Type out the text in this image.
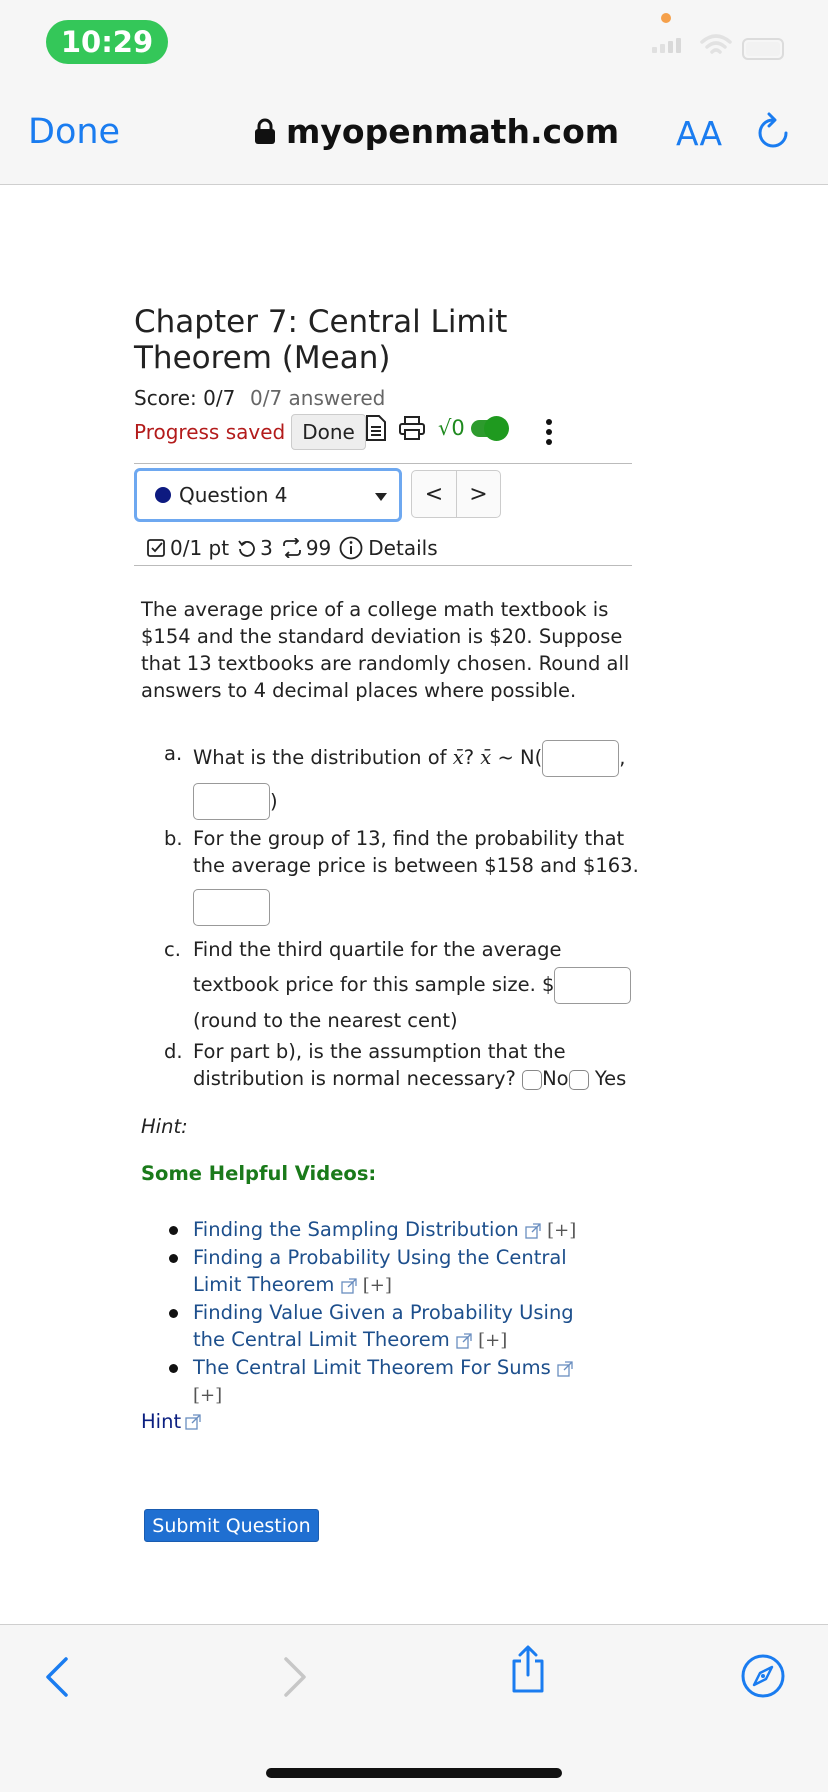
10:29
Done	myopenmath.com AA
Chapter 7: Central Limit Theorem (Mean)
Score: 0/7 0/7 answered
Progress saved Done	√0
Question 4	<	>
0/1 pt 3 99 Details

The average price of a college math textbook is $154 and the standard deviation is $20. Suppose that 13 textbooks are randomly chosen. Round all answers to 4 decimal places where possible.

a. What is the distribution of x̄? x̄ ~ N(	,
)
b. For the group of 13, find the probability that the average price is between $158 and $163.
c. Find the third quartile for the average textbook price for this sample size. $ (round to the nearest cent)
d. For part b), is the assumption that the distribution is normal necessary? No Yes
Hint:
Some Helpful Videos:
Finding the Sampling Distribution [+]
Finding a Probability Using the Central Limit Theorem [+]
Finding Value Given a Probability Using the Central Limit Theorem [+]
The Central Limit Theorem For Sums  [+]
Hint
Submit Question
